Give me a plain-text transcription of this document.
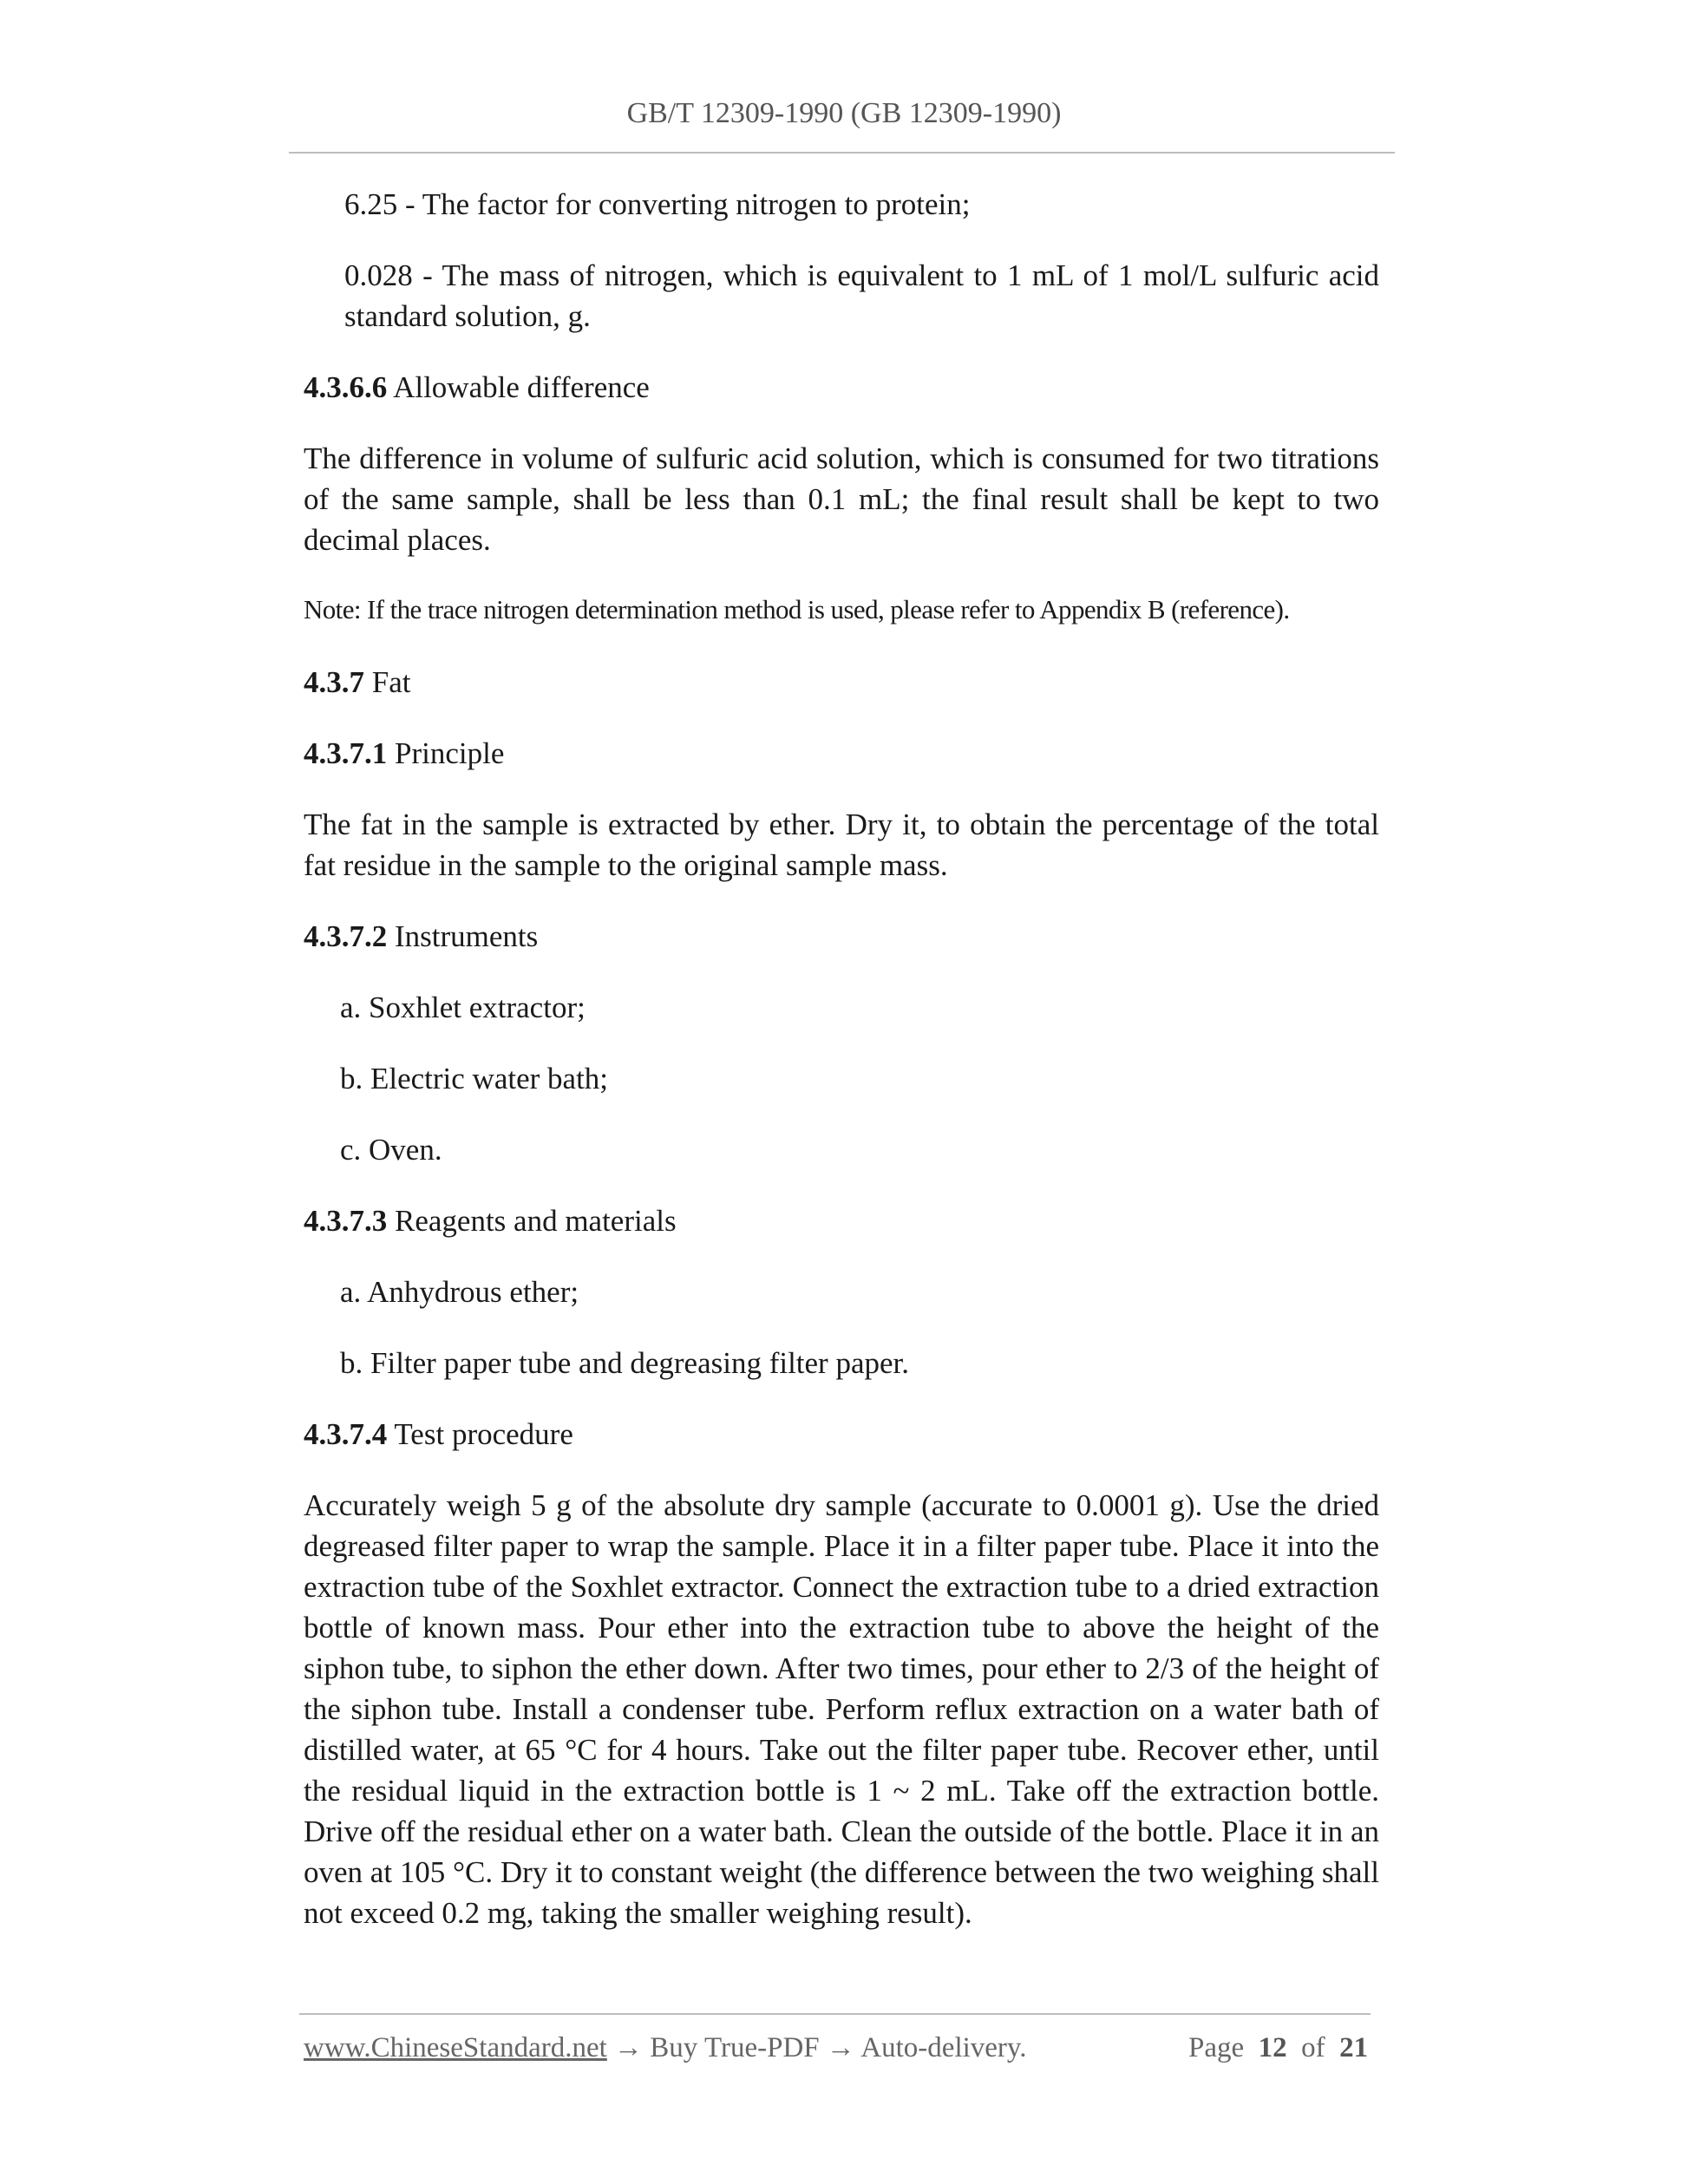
GB/T 12309-1990 (GB 12309-1990)

6.25 - The factor for converting nitrogen to protein;

0.028 - The mass of nitrogen, which is equivalent to 1 mL of 1 mol/L sulfuric acid standard solution, g.

4.3.6.6 Allowable difference

The difference in volume of sulfuric acid solution, which is consumed for two titrations of the same sample, shall be less than 0.1 mL; the final result shall be kept to two decimal places.

Note: If the trace nitrogen determination method is used, please refer to Appendix B (reference).

4.3.7 Fat

4.3.7.1 Principle

The fat in the sample is extracted by ether. Dry it, to obtain the percentage of the total fat residue in the sample to the original sample mass.

4.3.7.2 Instruments

a. Soxhlet extractor;

b. Electric water bath;

c. Oven.

4.3.7.3 Reagents and materials

a. Anhydrous ether;

b. Filter paper tube and degreasing filter paper.

4.3.7.4 Test procedure

Accurately weigh 5 g of the absolute dry sample (accurate to 0.0001 g). Use the dried degreased filter paper to wrap the sample. Place it in a filter paper tube. Place it into the extraction tube of the Soxhlet extractor. Connect the extraction tube to a dried extraction bottle of known mass. Pour ether into the extraction tube to above the height of the siphon tube, to siphon the ether down. After two times, pour ether to 2/3 of the height of the siphon tube. Install a condenser tube. Perform reflux extraction on a water bath of distilled water, at 65 °C for 4 hours. Take out the filter paper tube. Recover ether, until the residual liquid in the extraction bottle is 1 ~ 2 mL. Take off the extraction bottle. Drive off the residual ether on a water bath. Clean the outside of the bottle. Place it in an oven at 105 °C. Dry it to constant weight (the difference between the two weighing shall not exceed 0.2 mg, taking the smaller weighing result).

www.ChineseStandard.net → Buy True-PDF → Auto-delivery.	Page 12 of 21
